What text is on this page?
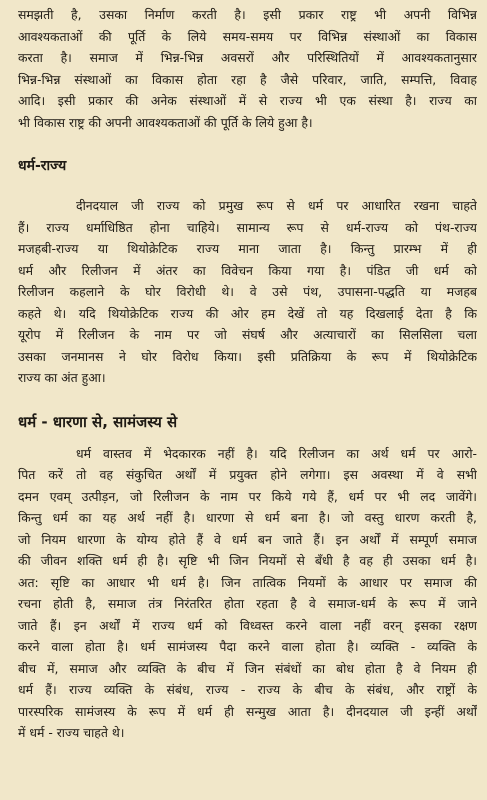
समझती है, उसका निर्माण करती है। इसी प्रकार राष्ट्र भी अपनी विभिन्न
आवश्यकताओं की पूर्ति के लिये समय-समय पर विभिन्न संस्थाओं का विकास
करता है। समाज में भिन्न-भिन्न अवसरों और परिस्थितियों में आवश्यकतानुसार
भिन्न-भिन्न संस्थाओं का विकास होता रहा है जैसे परिवार, जाति, सम्पत्ति, विवाह
आदि। इसी प्रकार की अनेक संस्थाओं में से राज्य भी एक संस्था है। राज्य का
भी विकास राष्ट्र की अपनी आवश्यकताओं की पूर्ति के लिये हुआ है।
धर्म-राज्य
दीनदयाल जी राज्य को प्रमुख रूप से धर्म पर आधारित रखना चाहते
हैं। राज्य धर्माधिष्ठित होना चाहिये। सामान्य रूप से धर्म-राज्य को पंथ-राज्य
मजहबी-राज्य या थियोक्रेटिक राज्य माना जाता है। किन्तु प्रारम्भ में ही
धर्म और रिलीजन में अंतर का विवेचन किया गया है। पंडित जी धर्म को
रिलीजन कहलाने के घोर विरोधी थे। वे उसे पंथ, उपासना-पद्धति या मजहब
कहते थे। यदि थियोक्रेटिक राज्य की ओर हम देखें तो यह दिखलाई देता है कि
यूरोप में रिलीजन के नाम पर जो संघर्ष और अत्याचारों का सिलसिला चला
उसका जनमानस ने घोर विरोध किया। इसी प्रतिक्रिया के रूप में थियोक्रेटिक
राज्य का अंत हुआ।
धर्म - धारणा से, सामंजस्य से
धर्म वास्तव में भेदकारक नहीं है। यदि रिलीजन का अर्थ धर्म पर आरो-
पित करें तो वह संकुचित अर्थों में प्रयुक्त होने लगेगा। इस अवस्था में वे सभी
दमन एवम् उत्पीड़न, जो रिलीजन के नाम पर किये गये हैं, धर्म पर भी लद जावेंगे।
किन्तु धर्म का यह अर्थ नहीं है। धारणा से धर्म बना है। जो वस्तु धारण करती है,
जो नियम धारणा के योग्य होते हैं वे धर्म बन जाते हैं। इन अर्थों में सम्पूर्ण समाज
की जीवन शक्ति धर्म ही है। सृष्टि भी जिन नियमों से बँधी है वह ही उसका धर्म है।
अत: सृष्टि का आधार भी धर्म है। जिन तात्विक नियमों के आधार पर समाज की
रचना होती है, समाज तंत्र निरंतरित होता रहता है वे समाज-धर्म के रूप में जाने
जाते हैं। इन अर्थों में राज्य धर्म को विध्वस्त करने वाला नहीं वरन् इसका रक्षण
करने वाला होता है। धर्म सामंजस्य पैदा करने वाला होता है। व्यक्ति - व्यक्ति के
बीच में, समाज और व्यक्ति के बीच में जिन संबंधों का बोध होता है वे नियम ही
धर्म हैं। राज्य व्यक्ति के संबंध, राज्य - राज्य के बीच के संबंध, और राष्ट्रों के
पारस्परिक सामंजस्य के रूप में धर्म ही सन्मुख आता है। दीनदयाल जी इन्हीं अर्थों
में धर्म - राज्य चाहते थे।
